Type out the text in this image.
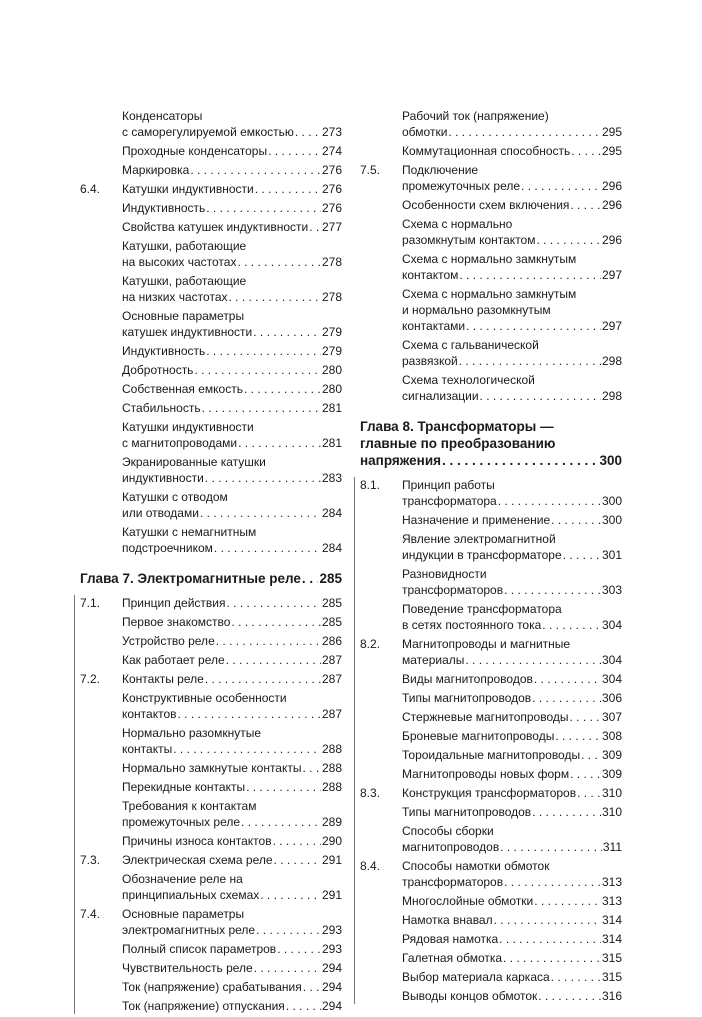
Конденсаторы
с саморегулируемой емкостью . . . 273
Проходные конденсаторы . . .	274
Маркировка . . .	276
6.4. Катушки индуктивности . . .	276
Индуктивность . . .	276
Свойства катушек индуктивности . . . 277
Катушки, работающие
на высоких частотах . . .	278
Катушки, работающие
на низких частотах . . .	278
Основные параметры
катушек индуктивности . . .	279
Индуктивность . . .	279
Добротность . . .	280
Собственная емкость . . .	280
Стабильность . . .	281
Катушки индуктивности
с магнитопроводами . . .	281
Экранированные катушки
индуктивности . . .	283
Катушки с отводом
или отводами . . .	284
Катушки с немагнитным
подстроечником . . .	284
Глава 7. Электромагнитные реле . . . 285
7.1. Принцип действия . . .	285
Первое знакомство . . .	285
Устройство реле . . .	286
Как работает реле . . .	287
7.2. Контакты реле . . .	287
Конструктивные особенности
контактов . . .	287
Нормально разомкнутые
контакты . . .	288
Нормально замкнутые контакты . . . 288
Перекидные контакты . . .	288
Требования к контактам
промежуточных реле . . .	289
Причины износа контактов . . .	290
7.3. Электрическая схема реле . . .	291
Обозначение реле на
принципиальных схемах . . .	291
7.4. Основные параметры
электромагнитных реле . . .	293
Полный список параметров . . .	293
Чувствительность реле . . .	294
Ток (напряжение) срабатывания . . . 294
Ток (напряжение) отпускания . . .	294
Рабочий ток (напряжение)
обмотки . . .	295
Коммутационная способность . . .	295
7.5. Подключение
промежуточных реле . . .	296
Особенности схем включения . . .	296
Схема с нормально
разомкнутым контактом . . .	296
Схема с нормально замкнутым
контактом . . .	297
Схема с нормально замкнутым
и нормально разомкнутым
контактами . . .	297
Схема с гальванической
развязкой . . .	298
Схема технологической
сигнализации . . .	298
Глава 8. Трансформаторы —
главные по преобразованию
напряжения . . .	300
8.1. Принцип работы
трансформатора . . .	300
Назначение и применение . . .	300
Явление электромагнитной
индукции в трансформаторе . . .	301
Разновидности
трансформаторов . . .	303
Поведение трансформатора
в сетях постоянного тока . . .	304
8.2. Магнитопроводы и магнитные
материалы . . .	304
Виды магнитопроводов . . .	304
Типы магнитопроводов . . .	306
Стержневые магнитопроводы . . .	307
Броневые магнитопроводы . . .	308
Тороидальные магнитопроводы . . . 309
Магнитопроводы новых форм . . .	309
8.3. Конструкция трансформаторов . . . 310
Типы магнитопроводов . . .	310
Способы сборки
магнитопроводов . . .	311
8.4. Способы намотки обмоток
трансформаторов . . .	313
Многослойные обмотки . . .	313
Намотка внавал . . .	314
Рядовая намотка . . .	314
Галетная обмотка . . .	315
Выбор материала каркаса . . .	315
Выводы концов обмоток . . .	316
